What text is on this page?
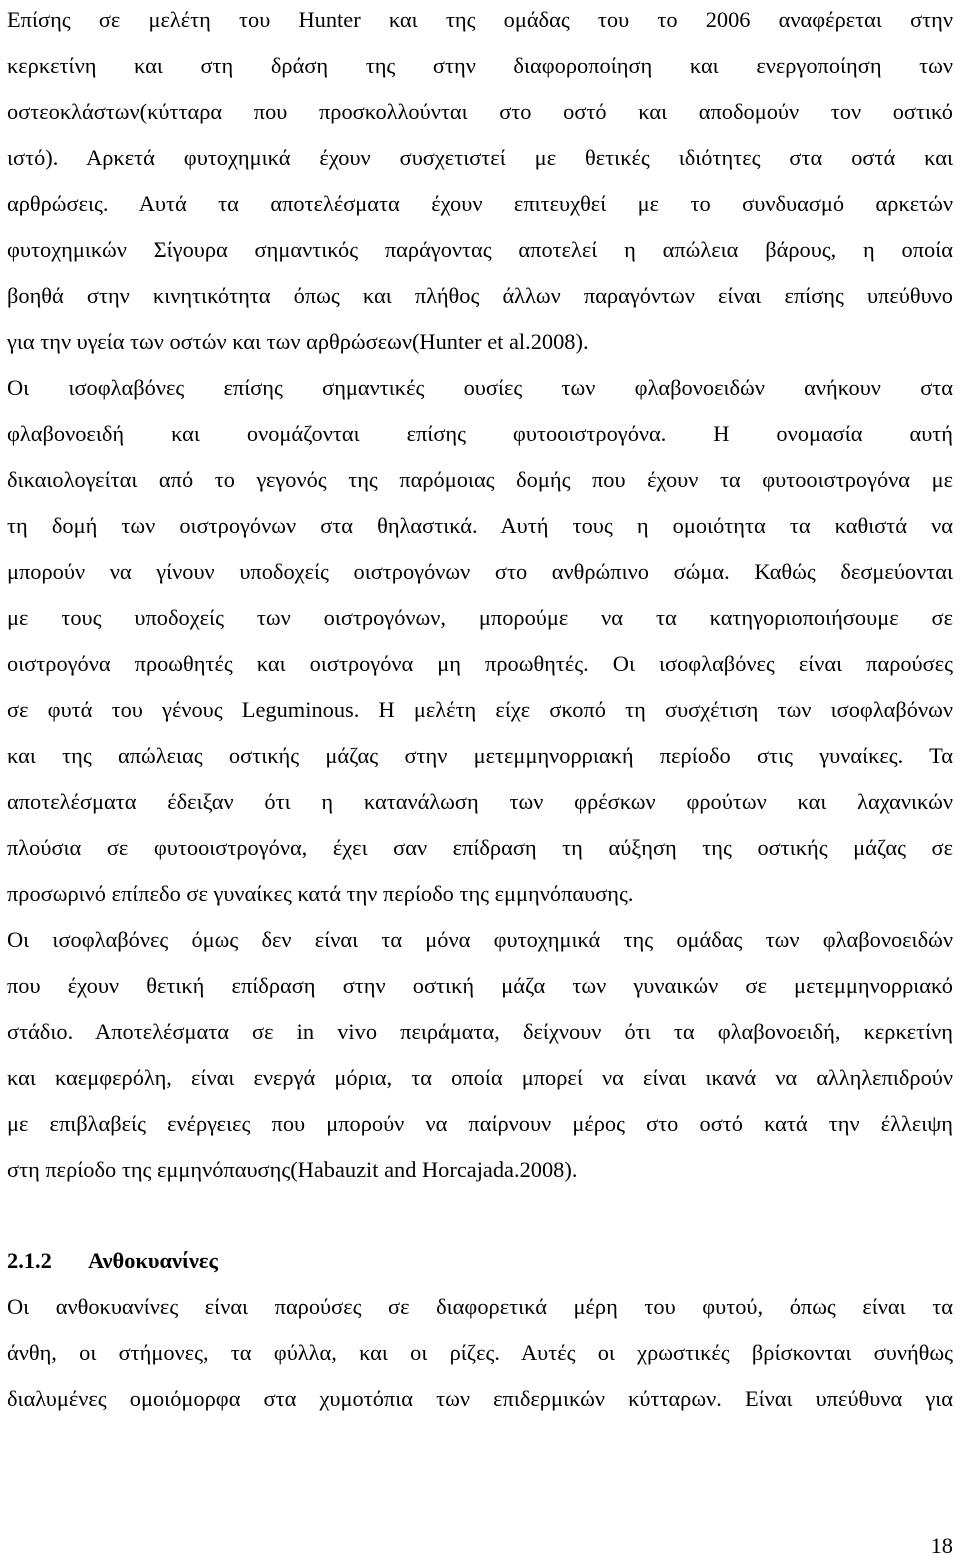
Επίσης σε μελέτη του Hunter και της ομάδας του το 2006 αναφέρεται στην
κερκετίνη και στη δράση της στην διαφοροποίηση και ενεργοποίηση των
οστεοκλάστων(κύτταρα που προσκολλούνται στο οστό και αποδομούν τον οστικό
ιστό). Αρκετά φυτοχημικά έχουν συσχετιστεί με θετικές ιδιότητες στα οστά και
αρθρώσεις. Αυτά τα αποτελέσματα έχουν επιτευχθεί με το συνδυασμό αρκετών
φυτοχημικών Σίγουρα σημαντικός παράγοντας αποτελεί η απώλεια βάρους, η οποία
βοηθά στην κινητικότητα όπως και πλήθος άλλων παραγόντων είναι επίσης υπεύθυνο
για την υγεία των οστών και των αρθρώσεων(Hunter et al.2008).
Οι ισοφλαβόνες επίσης σημαντικές ουσίες των φλαβονοειδών ανήκουν στα
φλαβονοειδή και ονομάζονται επίσης φυτοοιστρογόνα. Η ονομασία αυτή
δικαιολογείται από το γεγονός της παρόμοιας δομής που έχουν τα φυτοοιστρογόνα με
τη δομή των οιστρογόνων στα θηλαστικά. Αυτή τους η ομοιότητα τα καθιστά να
μπορούν να γίνουν υποδοχείς οιστρογόνων στο ανθρώπινο σώμα. Καθώς δεσμεύονται
με τους υποδοχείς των οιστρογόνων, μπορούμε να τα κατηγοριοποιήσουμε σε
οιστρογόνα προωθητές και οιστρογόνα μη προωθητές. Οι ισοφλαβόνες είναι παρούσες
σε φυτά του γένους Leguminous. Η μελέτη είχε σκοπό τη συσχέτιση των ισοφλαβόνων
και της απώλειας οστικής μάζας στην μετεμμηνορριακή περίοδο στις γυναίκες. Τα
αποτελέσματα έδειξαν ότι η κατανάλωση των φρέσκων φρούτων και λαχανικών
πλούσια σε φυτοοιστρογόνα, έχει σαν επίδραση τη αύξηση της οστικής μάζας σε
προσωρινό επίπεδο σε γυναίκες κατά την περίοδο της εμμηνόπαυσης.
Οι ισοφλαβόνες όμως δεν είναι τα μόνα φυτοχημικά της ομάδας των φλαβονοειδών
που έχουν θετική επίδραση στην οστική μάζα των γυναικών σε μετεμμηνορριακό
στάδιο. Αποτελέσματα σε in vivo πειράματα, δείχνουν ότι τα φλαβονοειδή, κερκετίνη
και καεμφερόλη, είναι ενεργά μόρια, τα οποία μπορεί να είναι ικανά να αλληλεπιδρούν
με επιβλαβείς ενέργειες που μπορούν να παίρνουν μέρος στο οστό κατά την έλλειψη
στη περίοδο της εμμηνόπαυσης(Habauzit and Horcajada.2008).
2.1.2 Ανθοκυανίνες
Οι ανθοκυανίνες είναι παρούσες σε διαφορετικά μέρη του φυτού, όπως είναι τα
άνθη, οι στήμονες, τα φύλλα, και οι ρίζες. Αυτές οι χρωστικές βρίσκονται συνήθως
διαλυμένες ομοιόμορφα στα χυμοτόπια των επιδερμικών κύτταρων. Είναι υπεύθυνα για
18
